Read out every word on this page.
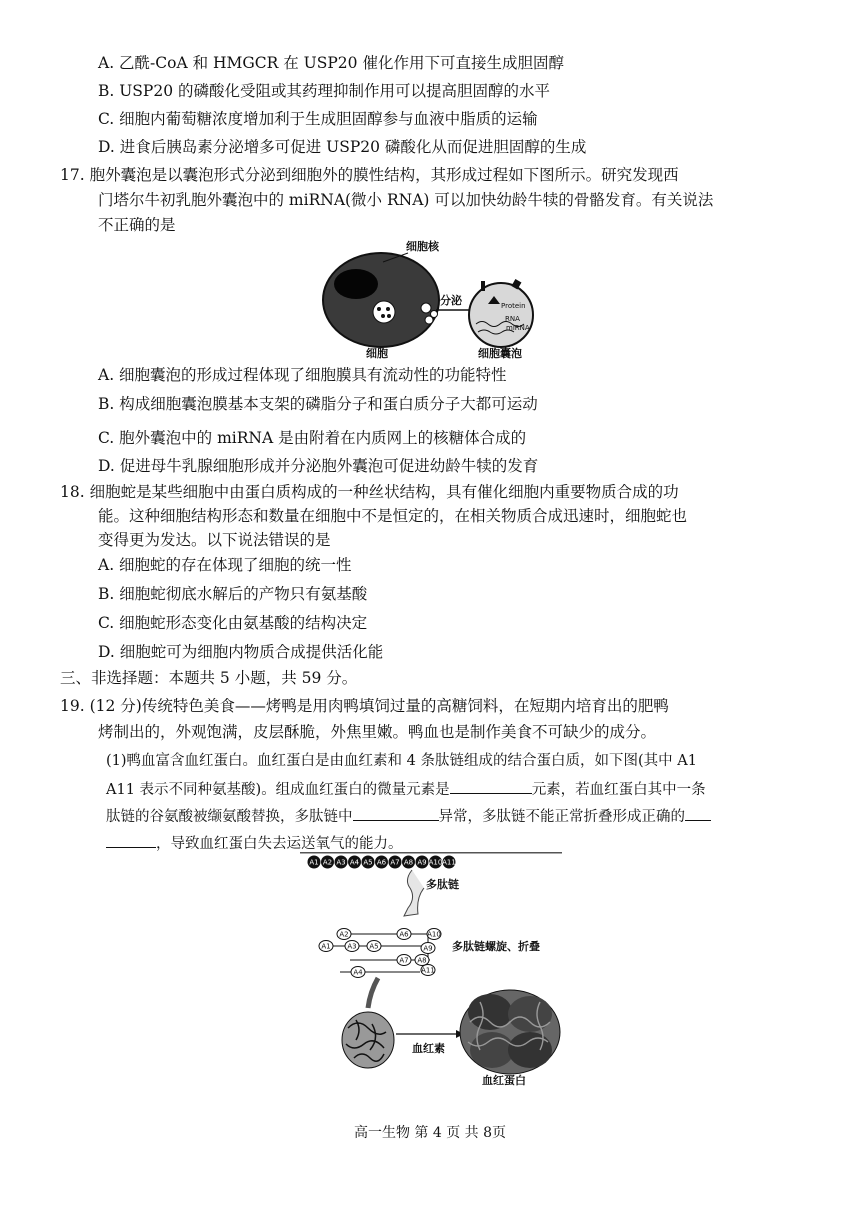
A. 乙酰-CoA 和 HMGCR 在 USP20 催化作用下可直接生成胆固醇
B. USP20 的磷酸化受阻或其药理抑制作用可以提高胆固醇的水平
C. 细胞内葡萄糖浓度增加利于生成胆固醇参与血液中脂质的运输
D. 进食后胰岛素分泌增多可促进 USP20 磷酸化从而促进胆固醇的生成
17. 胞外囊泡是以囊泡形式分泌到细胞外的膜性结构，其形成过程如下图所示。研究发现西
门塔尔牛初乳胞外囊泡中的 miRNA(微小 RNA) 可以加快幼龄牛犊的骨骼发育。有关说法
不正确的是
细胞核
分泌
细胞	细胞囊泡
Protein
RNA
miRNA
A. 细胞囊泡的形成过程体现了细胞膜具有流动性的功能特性
B. 构成细胞囊泡膜基本支架的磷脂分子和蛋白质分子大都可运动
C. 胞外囊泡中的 miRNA 是由附着在内质网上的核糖体合成的
D. 促进母牛乳腺细胞形成并分泌胞外囊泡可促进幼龄牛犊的发育
18. 细胞蛇是某些细胞中由蛋白质构成的一种丝状结构，具有催化细胞内重要物质合成的功
能。这种细胞结构形态和数量在细胞中不是恒定的，在相关物质合成迅速时，细胞蛇也
变得更为发达。以下说法错误的是
A. 细胞蛇的存在体现了细胞的统一性
B. 细胞蛇彻底水解后的产物只有氨基酸
C. 细胞蛇形态变化由氨基酸的结构决定
D. 细胞蛇可为细胞内物质合成提供活化能
三、非选择题：本题共 5 小题，共 59 分。
19. (12 分)传统特色美食——烤鸭是用肉鸭填饲过量的高糖饲料，在短期内培育出的肥鸭
烤制出的，外观饱满，皮层酥脆，外焦里嫩。鸭血也是制作美食不可缺少的成分。
(1)鸭血富含血红蛋白。血红蛋白是由血红素和 4 条肽链组成的结合蛋白质，如下图(其中 A1
A11 表示不同种氨基酸)。组成血红蛋白的微量元素是	元素，若血红蛋白其中一条
肽链的谷氨酸被缬氨酸替换，多肽链中	异常，多肽链不能正常折叠形成正确的
，导致血红蛋白失去运送氧气的能力。
A1 A2 A3 A4 A5 A6 A7 A8 A9 A10 A11
多肽链
A1
A2
A3
A4
A5
A6
A7 A8
A9
A10
A11
多肽链螺旋、折叠
血红素
血红蛋白
高一生物 第 4 页 共 8页
